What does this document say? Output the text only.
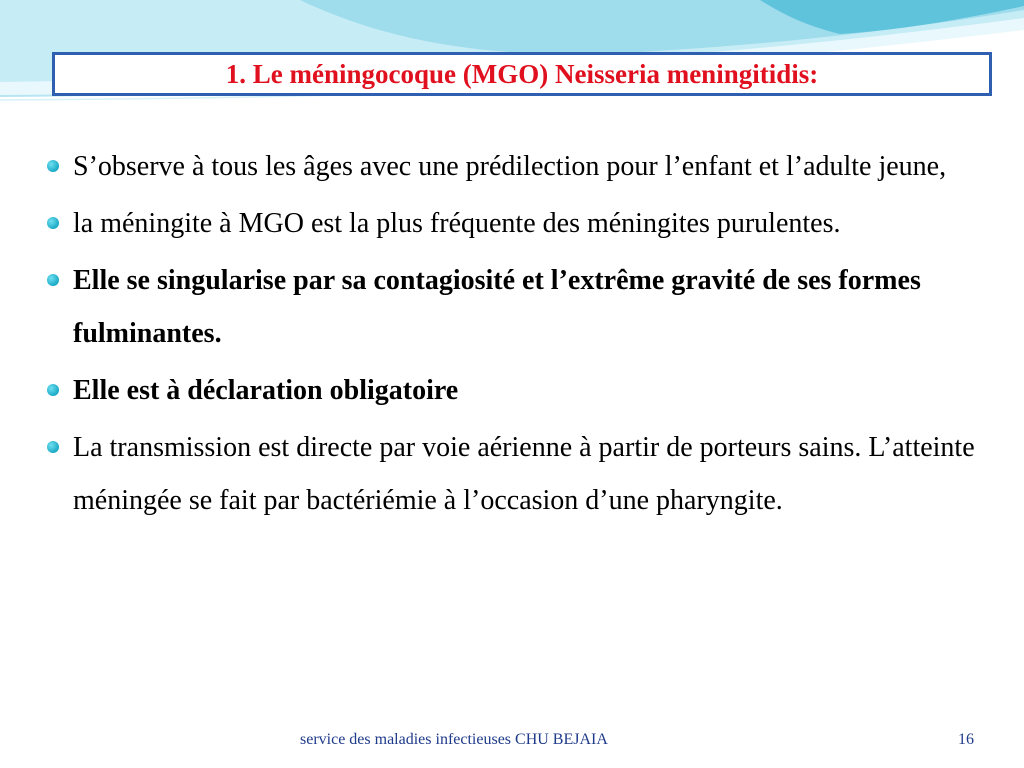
1. Le méningocoque (MGO) Neisseria meningitidis:
S’observe à tous les âges avec une prédilection pour l’enfant et l’adulte jeune,
la méningite à MGO est la plus fréquente des méningites purulentes.
Elle se singularise par sa contagiosité et l’extrême gravité de ses formes fulminantes.
Elle est à déclaration obligatoire
La transmission est directe par voie aérienne à partir de porteurs sains. L’atteinte méningée se fait par bactériémie à l’occasion d’une pharyngite.
service des maladies infectieuses CHU BEJAIA	16
